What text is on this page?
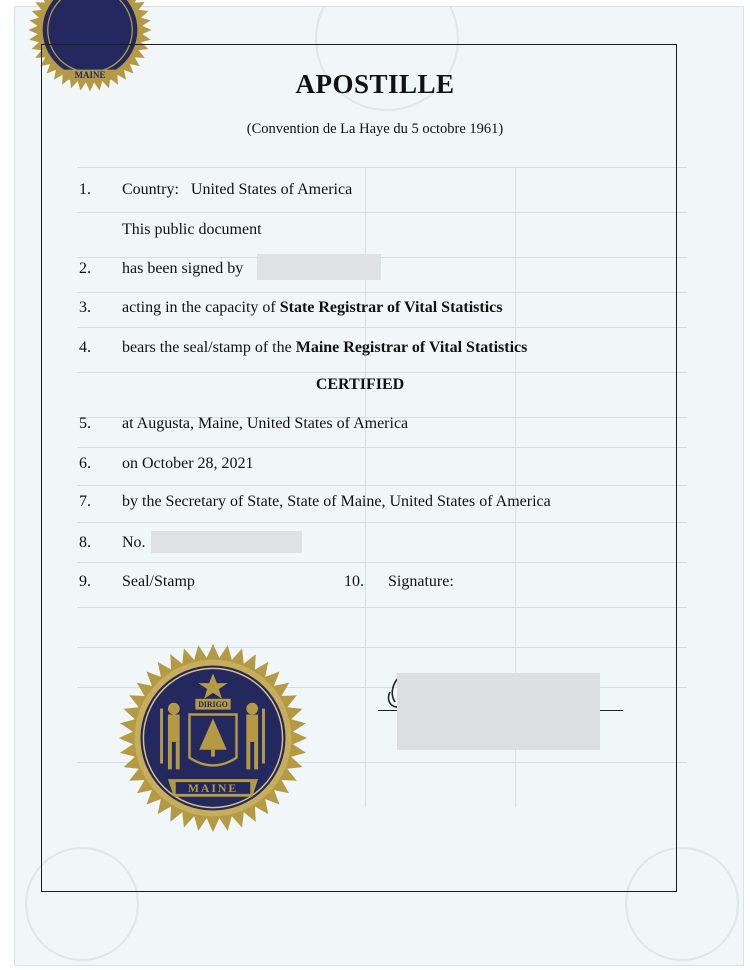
MAINE	APOSTILLE
(Convention de La Haye du 5 octobre 1961)
1. Country: United States of America
This public document
2. has been signed by
3. acting in the capacity of State Registrar of Vital Statistics
4. bears the seal/stamp of the Maine Registrar of Vital Statistics
CERTIFIED
5. at Augusta, Maine, United States of America
6. on October 28, 2021
7. by the Secretary of State, State of Maine, United States of America
8. No.
9. Seal/Stamp	10. Signature:
DIRIGO
MAINE
